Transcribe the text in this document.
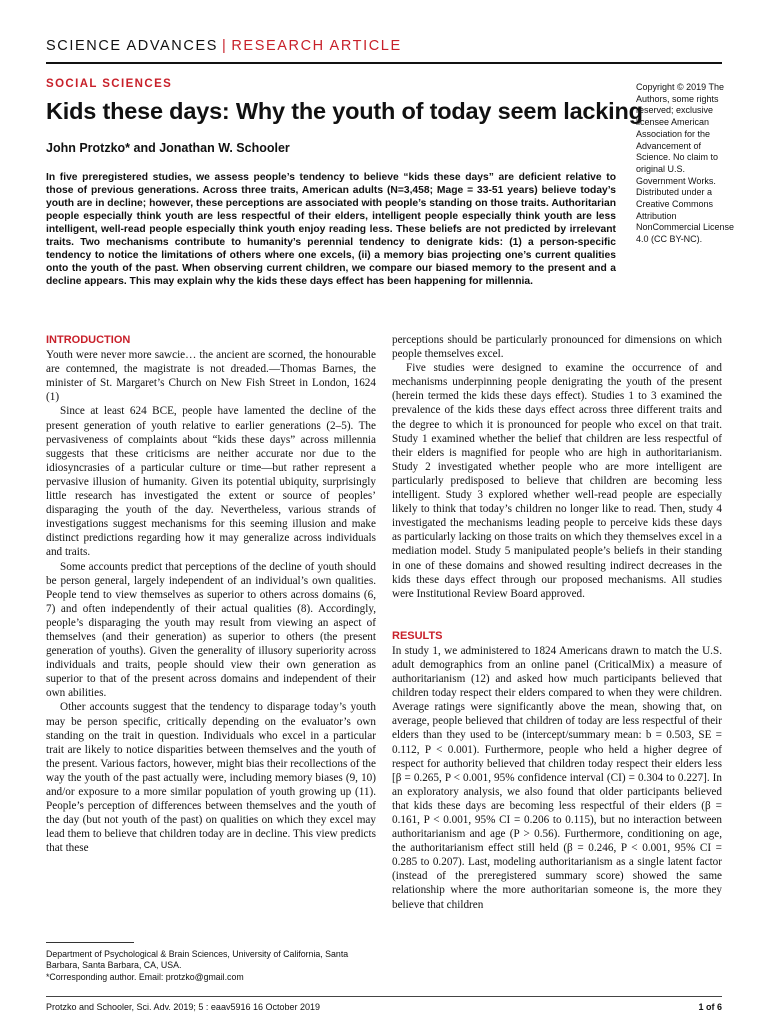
SCIENCE ADVANCES | RESEARCH ARTICLE
SOCIAL SCIENCES
Kids these days: Why the youth of today seem lacking
John Protzko* and Jonathan W. Schooler
Copyright © 2019 The Authors, some rights reserved; exclusive licensee American Association for the Advancement of Science. No claim to original U.S. Government Works. Distributed under a Creative Commons Attribution NonCommercial License 4.0 (CC BY-NC).
In five preregistered studies, we assess people’s tendency to believe “kids these days” are deficient relative to those of previous generations. Across three traits, American adults (N=3,458; Mage = 33-51 years) believe today’s youth are in decline; however, these perceptions are associated with people’s standing on those traits. Authoritarian people especially think youth are less respectful of their elders, intelligent people especially think youth are less intelligent, well-read people especially think youth enjoy reading less. These beliefs are not predicted by irrelevant traits. Two mechanisms contribute to humanity’s perennial tendency to denigrate kids: (1) a person-specific tendency to notice the limitations of others where one excels, (ii) a memory bias projecting one’s current qualities onto the youth of the past. When observing current children, we compare our biased memory to the present and a decline appears. This may explain why the kids these days effect has been happening for millennia.
INTRODUCTION

Youth were never more sawcie… the ancient are scorned, the honourable are contemned, the magistrate is not dreaded.—Thomas Barnes, the minister of St. Margaret’s Church on New Fish Street in London, 1624 (1)

Since at least 624 BCE, people have lamented the decline of the present generation of youth relative to earlier generations (2–5). The pervasiveness of complaints about “kids these days” across millennia suggests that these criticisms are neither accurate nor due to the idiosyncrasies of a particular culture or time—but rather represent a pervasive illusion of humanity. Given its potential ubiquity, surprisingly little research has investigated the extent or source of peoples’ disparaging the youth of the day. Nevertheless, various strands of investigations suggest mechanisms for this seeming illusion and make distinct predictions regarding how it may generalize across individuals and traits.

Some accounts predict that perceptions of the decline of youth should be person general, largely independent of an individual’s own qualities. People tend to view themselves as superior to others across domains (6, 7) and often independently of their actual qualities (8). Accordingly, people’s disparaging the youth may result from viewing an aspect of themselves (and their generation) as superior to others (the present generation of youths). Given the generality of illusory superiority across individuals and traits, people should view their own generation as superior to that of the present across domains and independent of their own abilities.

Other accounts suggest that the tendency to disparage today’s youth may be person specific, critically depending on the evaluator’s own standing on the trait in question. Individuals who excel in a particular trait are likely to notice disparities between themselves and the youth of the present. Various factors, however, might bias their recollections of the way the youth of the past actually were, including memory biases (9, 10) and/or exposure to a more similar population of youth growing up (11). People’s perception of differences between themselves and the youth of the day (but not youth of the past) on qualities on which they excel may lead them to believe that children today are in decline. This view predicts that these

perceptions should be particularly pronounced for dimensions on which people themselves excel.

Five studies were designed to examine the occurrence of and mechanisms underpinning people denigrating the youth of the present (herein termed the kids these days effect). Studies 1 to 3 examined the prevalence of the kids these days effect across three different traits and the degree to which it is pronounced for people who excel on that trait. Study 1 examined whether the belief that children are less respectful of their elders is magnified for people who are high in authoritarianism. Study 2 investigated whether people who are more intelligent are particularly predisposed to believe that children are becoming less intelligent. Study 3 explored whether well-read people are especially likely to think that today’s children no longer like to read. Then, study 4 investigated the mechanisms leading people to perceive kids these days as particularly lacking on those traits on which they themselves excel in a mediation model. Study 5 manipulated people’s beliefs in their standing in one of these domains and showed resulting indirect decreases in the kids these days effect through our proposed mechanisms. All studies were Institutional Review Board approved.

RESULTS

In study 1, we administered to 1824 Americans drawn to match the U.S. adult demographics from an online panel (CriticalMix) a measure of authoritarianism (12) and asked how much participants believed that children today respect their elders compared to when they were children. Average ratings were significantly above the mean, showing that, on average, people believed that children of today are less respectful of their elders than they used to be (intercept/summary mean: b = 0.503, SE = 0.112, P < 0.001). Furthermore, people who held a higher degree of respect for authority believed that children today respect their elders less [β = 0.265, P < 0.001, 95% confidence interval (CI) = 0.304 to 0.227]. In an exploratory analysis, we also found that older participants believed that kids these days are becoming less respectful of their elders (β = 0.161, P < 0.001, 95% CI = 0.206 to 0.115), but no interaction between authoritarianism and age (P > 0.56). Furthermore, conditioning on age, the authoritarianism effect still held (β = 0.246, P < 0.001, 95% CI = 0.285 to 0.207). Last, modeling authoritarianism as a single latent factor (instead of the preregistered summary score) showed the same relationship where the more authoritarian someone is, the more they believe that children

Department of Psychological & Brain Sciences, University of California, Santa Barbara, Santa Barbara, CA, USA.
*Corresponding author. Email: protzko@gmail.com
Protzko and Schooler, Sci. Adv. 2019; 5 : eaav5916 16 October 2019	1 of 6
